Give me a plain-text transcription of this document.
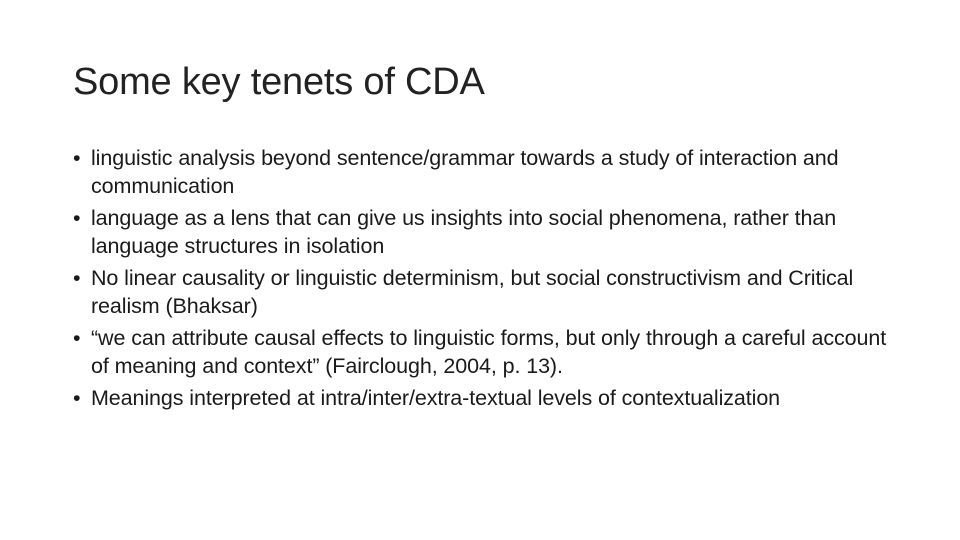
Some key tenets of CDA
• linguistic analysis beyond sentence/grammar towards a study of interaction and communication
• language as a lens that can give us insights into social phenomena, rather than language structures in isolation
• No linear causality or linguistic determinism, but social constructivism and Critical realism (Bhaksar)
• “we can attribute causal effects to linguistic forms, but only through a careful account of meaning and context” (Fairclough, 2004, p. 13).
• Meanings interpreted at intra/inter/extra-textual levels of contextualization
